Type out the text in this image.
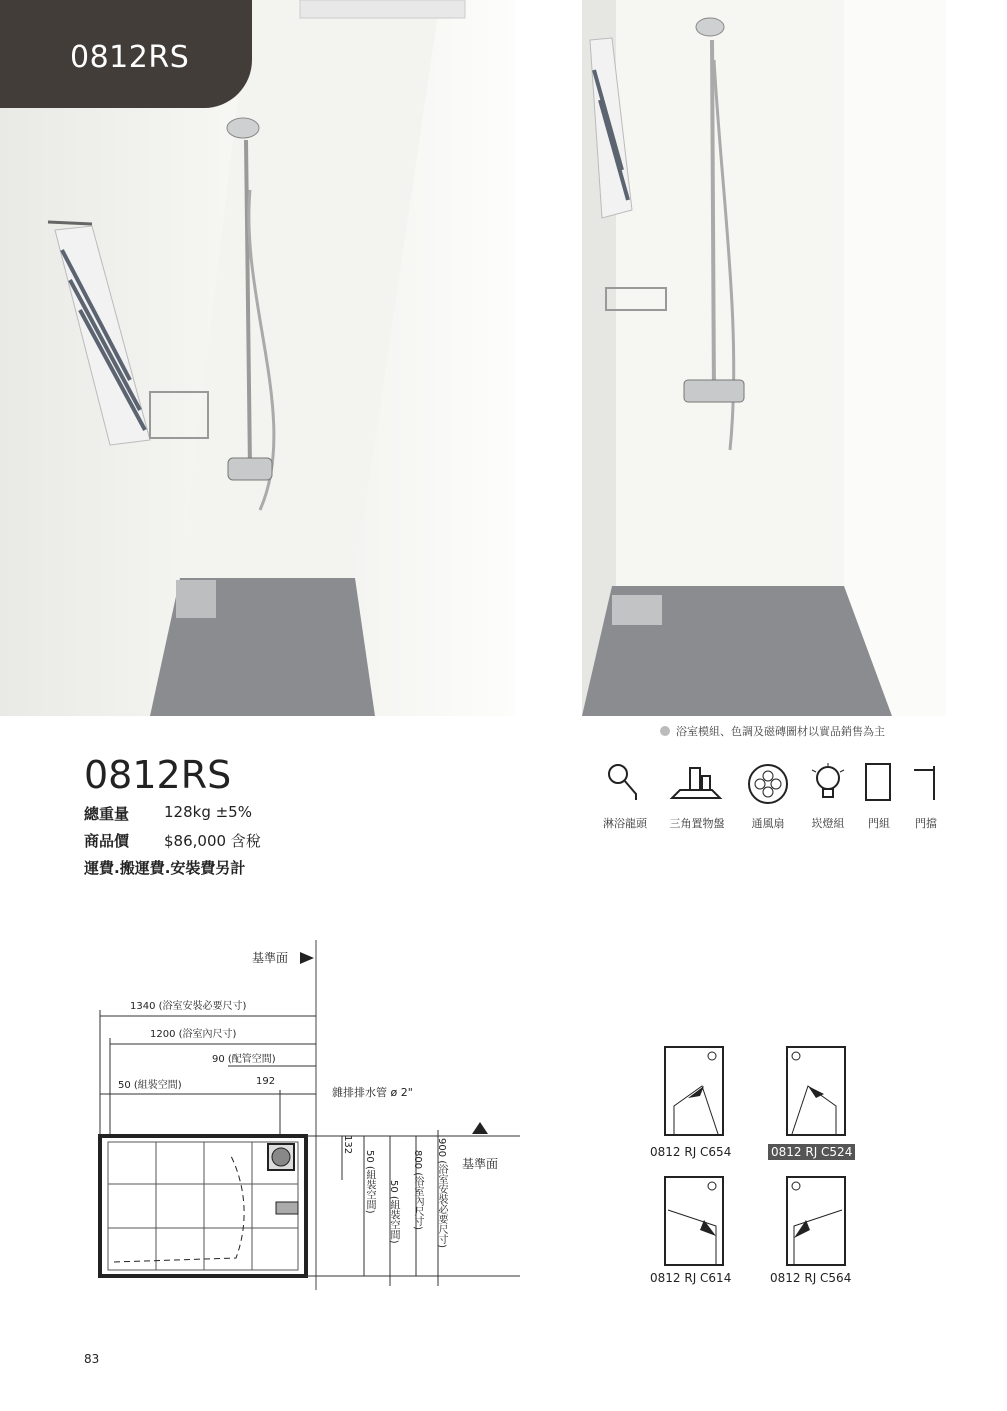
0812RS
浴室模組、色調及磁磚圖材以實品銷售為主
0812RS
總重量 128kg ±5%
商品價 $86,000 含稅
運費.搬運費.安裝費另計
淋浴龍頭 三角置物盤 通風扇 崁燈組 門組 門擋
基準面
1340 (浴室安裝必要尺寸)
1200 (浴室內尺寸)
90 (配管空間)
50 (組裝空間)	192
雜排排水管 ø 2"
基準面
132
50 (組裝空間) 50 (組裝空間) 800 (浴室內尺寸) 900 (浴室安裝必要尺寸)	0812 RJ C654	0812 RJ C524
0812 RJ C614	0812 RJ C564
83
